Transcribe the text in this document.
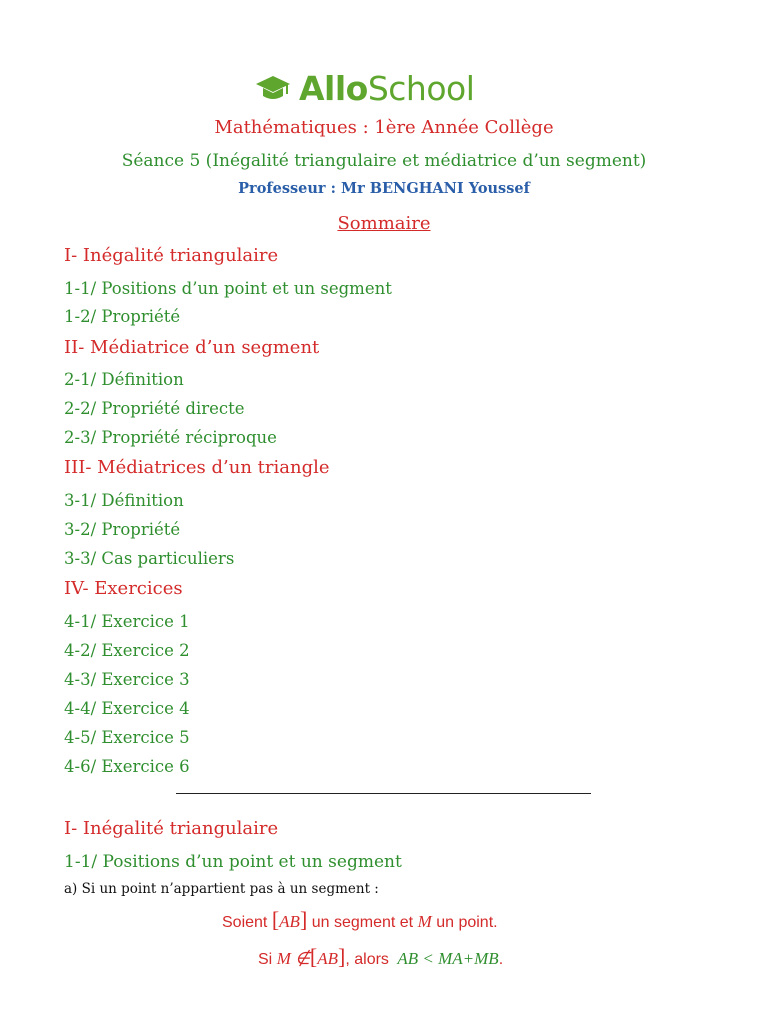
AlloSchool
Mathématiques : 1ère Année Collège
Séance 5 (Inégalité triangulaire et médiatrice d’un segment)
Professeur : Mr BENGHANI Youssef
Sommaire
I- Inégalité triangulaire
1-1/ Positions d’un point et un segment
1-2/ Propriété
II- Médiatrice d’un segment
2-1/ Définition
2-2/ Propriété directe
2-3/ Propriété réciproque
III- Médiatrices d’un triangle
3-1/ Définition
3-2/ Propriété
3-3/ Cas particuliers
IV- Exercices
4-1/ Exercice 1
4-2/ Exercice 2
4-3/ Exercice 3
4-4/ Exercice 4
4-5/ Exercice 5
4-6/ Exercice 6
I- Inégalité triangulaire
1-1/ Positions d’un point et un segment
a) Si un point n’appartient pas à un segment :
Soient [AB] un segment et M un point.
Si M ∉[AB], alors AB < MA+MB.
